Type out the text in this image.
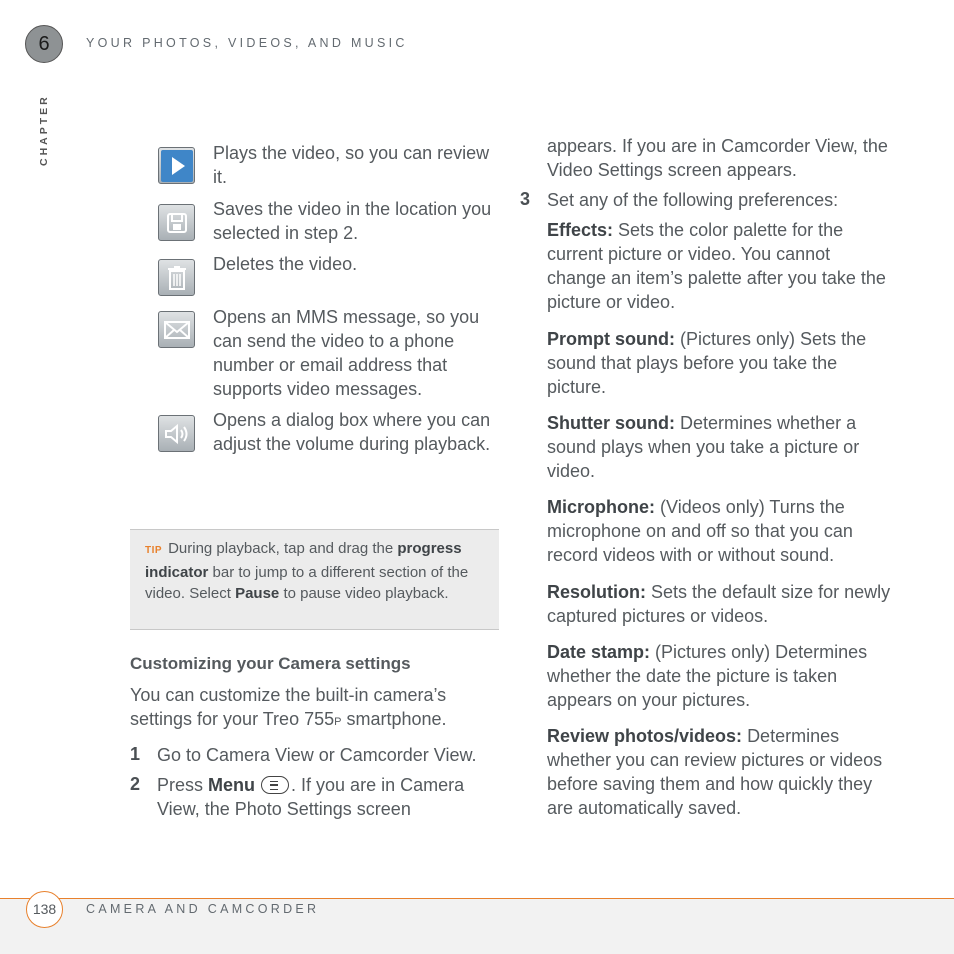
6	YOUR PHOTOS, VIDEOS, AND MUSIC
CHAPTER	Plays the video, so you can review it.
Saves the video in the location you selected in step 2.
Deletes the video.
Opens an MMS message, so you can send the video to a phone number or email address that supports video messages.
Opens a dialog box where you can adjust the volume during playback.
TIP During playback, tap and drag the progress indicator bar to jump to a different section of the video. Select Pause to pause video playback.
Customizing your Camera settings
You can customize the built-in camera’s settings for your Treo 755P smartphone.
1 Go to Camera View or Camcorder View.
2 Press Menu . If you are in Camera View, the Photo Settings screen
appears. If you are in Camcorder View, the Video Settings screen appears.
3 Set any of the following preferences:
Effects: Sets the color palette for the current picture or video. You cannot change an item’s palette after you take the picture or video.
Prompt sound: (Pictures only) Sets the sound that plays before you take the picture.
Shutter sound: Determines whether a sound plays when you take a picture or video.
Microphone: (Videos only) Turns the microphone on and off so that you can record videos with or without sound.
Resolution: Sets the default size for newly captured pictures or videos.
Date stamp: (Pictures only) Determines whether the date the picture is taken appears on your pictures.
Review photos/videos: Determines whether you can review pictures or videos before saving them and how quickly they are automatically saved.
138	CAMERA AND CAMCORDER
